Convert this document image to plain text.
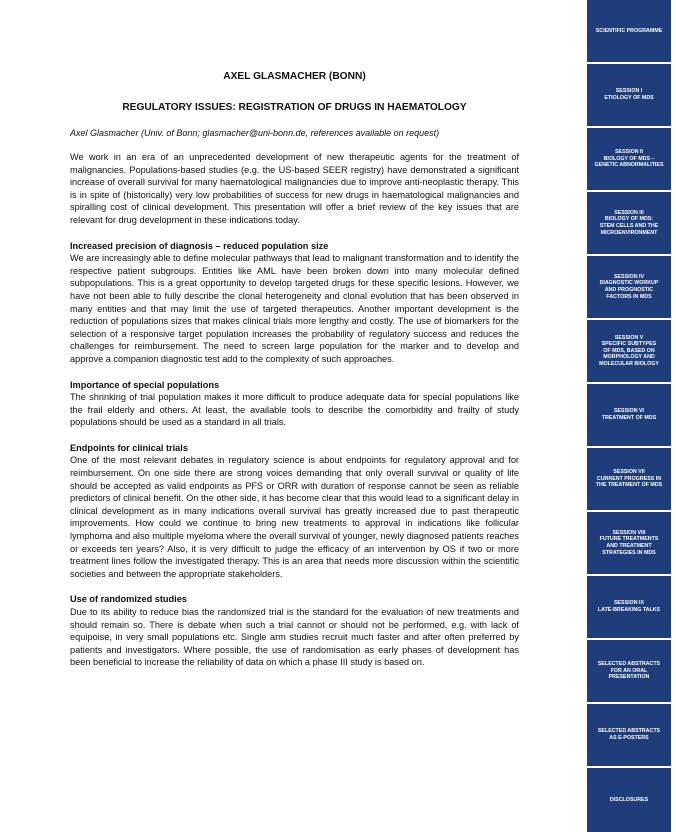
AXEL GLASMACHER (BONN)
REGULATORY ISSUES: REGISTRATION OF DRUGS IN HAEMATOLOGY

Axel Glasmacher (Univ. of Bonn; glasmacher@uni-bonn.de, references available on request)

We work in an era of an unprecedented development of new therapeutic agents for the treatment of malignancies. Populations-based studies (e.g. the US-based SEER registry) have demonstrated a significant increase of overall survival for many haematological malignancies due to improve anti-neoplastic therapy. This is in spite of (historically) very low probabilities of success for new drugs in haematological malignancies and spiralling cost of clinical development. This presentation will offer a brief review of the key issues that are relevant for drug development in these indications today.

Increased precision of diagnosis – reduced population size

We are increasingly able to define molecular pathways that lead to malignant transformation and to identify the respective patient subgroups. Entities like AML have been broken down into many molecular defined subpopulations. This is a great opportunity to develop targeted drugs for these specific lesions. However, we have not been able to fully describe the clonal heterogeneity and clonal evolution that has been observed in many entities and that may limit the use of targeted therapeutics. Another important development is the reduction of populations sizes that makes clinical trials more lengthy and costly. The use of biomarkers for the selection of a responsive target population increases the probability of regulatory success and reduces the challenges for reimbursement. The need to screen large population for the marker and to develop and approve a companion diagnostic test add to the complexity of such approaches.

Importance of special populations

The shrinking of trial population makes it more difficult to produce adequate data for special populations like the frail elderly and others. At least, the available tools to describe the comorbidity and frailty of study populations should be used as a standard in all trials.

Endpoints for clinical trials

One of the most relevant debates in regulatory science is about endpoints for regulatory approval and for reimbursement. On one side there are strong voices demanding that only overall survival or quality of life should be accepted as valid endpoints as PFS or ORR with duration of response cannot be seen as reliable predictors of clinical benefit. On the other side, it has become clear that this would lead to a significant delay in clinical development as in many indications overall survival has greatly increased due to past therapeutic improvements. How could we continue to bring new treatments to approval in indications like follicular lymphoma and also multiple myeloma where the overall survival of younger, newly diagnosed patients reaches or exceeds ten years? Also, it is very difficult to judge the efficacy of an intervention by OS if two or more treatment lines follow the investigated therapy. This is an area that needs more discussion within the scientific societies and between the appropriate stakeholders.

Use of randomized studies

Due to its ability to reduce bias the randomized trial is the standard for the evaluation of new treatments and should remain so. There is debate when such a trial cannot or should not be performed, e.g. with lack of equipoise, in very small populations etc. Single arm studies recruit much faster and after often preferred by patients and investigators. Where possible, the use of randomisation as early phases of development has been beneficial to increase the reliability of data on which a phase III study is based on.

SCIENTIFIC PROGRAMME
SESSION I
ETIOLOGY OF MDS
SESSION II
BIOLOGY OF MDS –
GENETIC ABNORMALITIES
SESSION III
BIOLOGY OF MDS:
STEM CELLS AND THE
MICROENVIRONMENT
SESSION IV
DIAGNOSTIC WORKUP
AND PROGNOSTIC
FACTORS IN MDS
SESSION V
SPECIFIC SUBTYPES
OF MDS, BASED ON
MORPHOLOGY AND
MOLECULAR BIOLOGY
SESSION VI
TREATMENT OF MDS
SESSION VII
CURRENT PROGRESS IN
THE TREATMENT OF MDS
SESSION VIII
FUTURE TREATMENTS
AND TREATMENT
STRATEGIES IN MDS
SESSION IX
LATE-BREAKING TALKS
SELECTED ABSTRACTS
FOR AN ORAL
PRESENTATION
SELECTED ABSTRACTS
AS E-POSTERS
DISCLOSURES
